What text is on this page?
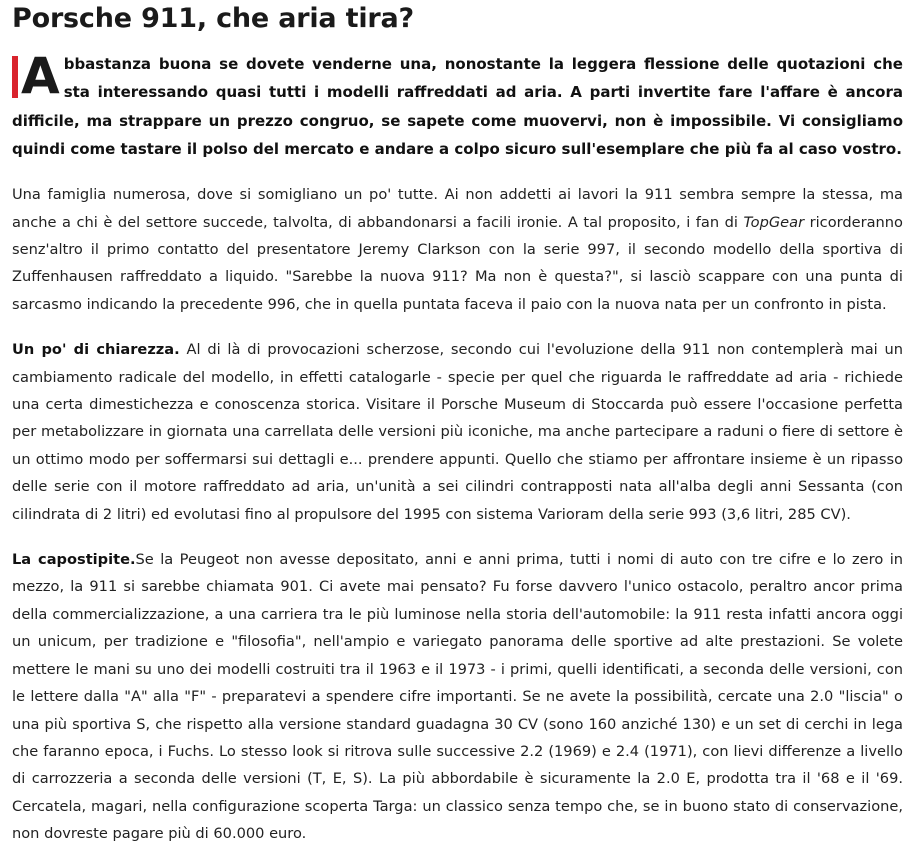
Porsche 911, che aria tira?
A bbastanza buona se dovete venderne una, nonostante la leggera flessione delle quotazioni che sta interessando quasi tutti i modelli raffreddati ad aria. A parti invertite fare l'affare è ancora difficile, ma strappare un prezzo congruo, se sapete come muovervi, non è impossibile. Vi consigliamo quindi come tastare il polso del mercato e andare a colpo sicuro sull'esemplare che più fa al caso vostro.

Una famiglia numerosa, dove si somigliano un po' tutte. Ai non addetti ai lavori la 911 sembra sempre la stessa, ma anche a chi è del settore succede, talvolta, di abbandonarsi a facili ironie. A tal proposito, i fan di TopGear ricorderanno senz'altro il primo contatto del presentatore Jeremy Clarkson con la serie 997, il secondo modello della sportiva di Zuffenhausen raffreddato a liquido. "Sarebbe la nuova 911? Ma non è questa?", si lasciò scappare con una punta di sarcasmo indicando la precedente 996, che in quella puntata faceva il paio con la nuova nata per un confronto in pista.

Un po' di chiarezza. Al di là di provocazioni scherzose, secondo cui l'evoluzione della 911 non contemplerà mai un cambiamento radicale del modello, in effetti catalogarle - specie per quel che riguarda le raffreddate ad aria - richiede una certa dimestichezza e conoscenza storica. Visitare il Porsche Museum di Stoccarda può essere l'occasione perfetta per metabolizzare in giornata una carrellata delle versioni più iconiche, ma anche partecipare a raduni o fiere di settore è un ottimo modo per soffermarsi sui dettagli e... prendere appunti. Quello che stiamo per affrontare insieme è un ripasso delle serie con il motore raffreddato ad aria, un'unità a sei cilindri contrapposti nata all'alba degli anni Sessanta (con cilindrata di 2 litri) ed evolutasi fino al propulsore del 1995 con sistema Varioram della serie 993 (3,6 litri, 285 CV).

La capostipite.Se la Peugeot non avesse depositato, anni e anni prima, tutti i nomi di auto con tre cifre e lo zero in mezzo, la 911 si sarebbe chiamata 901. Ci avete mai pensato? Fu forse davvero l'unico ostacolo, peraltro ancor prima della commercializzazione, a una carriera tra le più luminose nella storia dell'automobile: la 911 resta infatti ancora oggi un unicum, per tradizione e "filosofia", nell'ampio e variegato panorama delle sportive ad alte prestazioni. Se volete mettere le mani su uno dei modelli costruiti tra il 1963 e il 1973 - i primi, quelli identificati, a seconda delle versioni, con le lettere dalla "A" alla "F" - preparatevi a spendere cifre importanti. Se ne avete la possibilità, cercate una 2.0 "liscia" o una più sportiva S, che rispetto alla versione standard guadagna 30 CV (sono 160 anziché 130) e un set di cerchi in lega che faranno epoca, i Fuchs. Lo stesso look si ritrova sulle successive 2.2 (1969) e 2.4 (1971), con lievi differenze a livello di carrozzeria a seconda delle versioni (T, E, S). La più abbordabile è sicuramente la 2.0 E, prodotta tra il '68 e il '69. Cercatela, magari, nella configurazione scoperta Targa: un classico senza tempo che, se in buono stato di conservazione, non dovreste pagare più di 60.000 euro.
